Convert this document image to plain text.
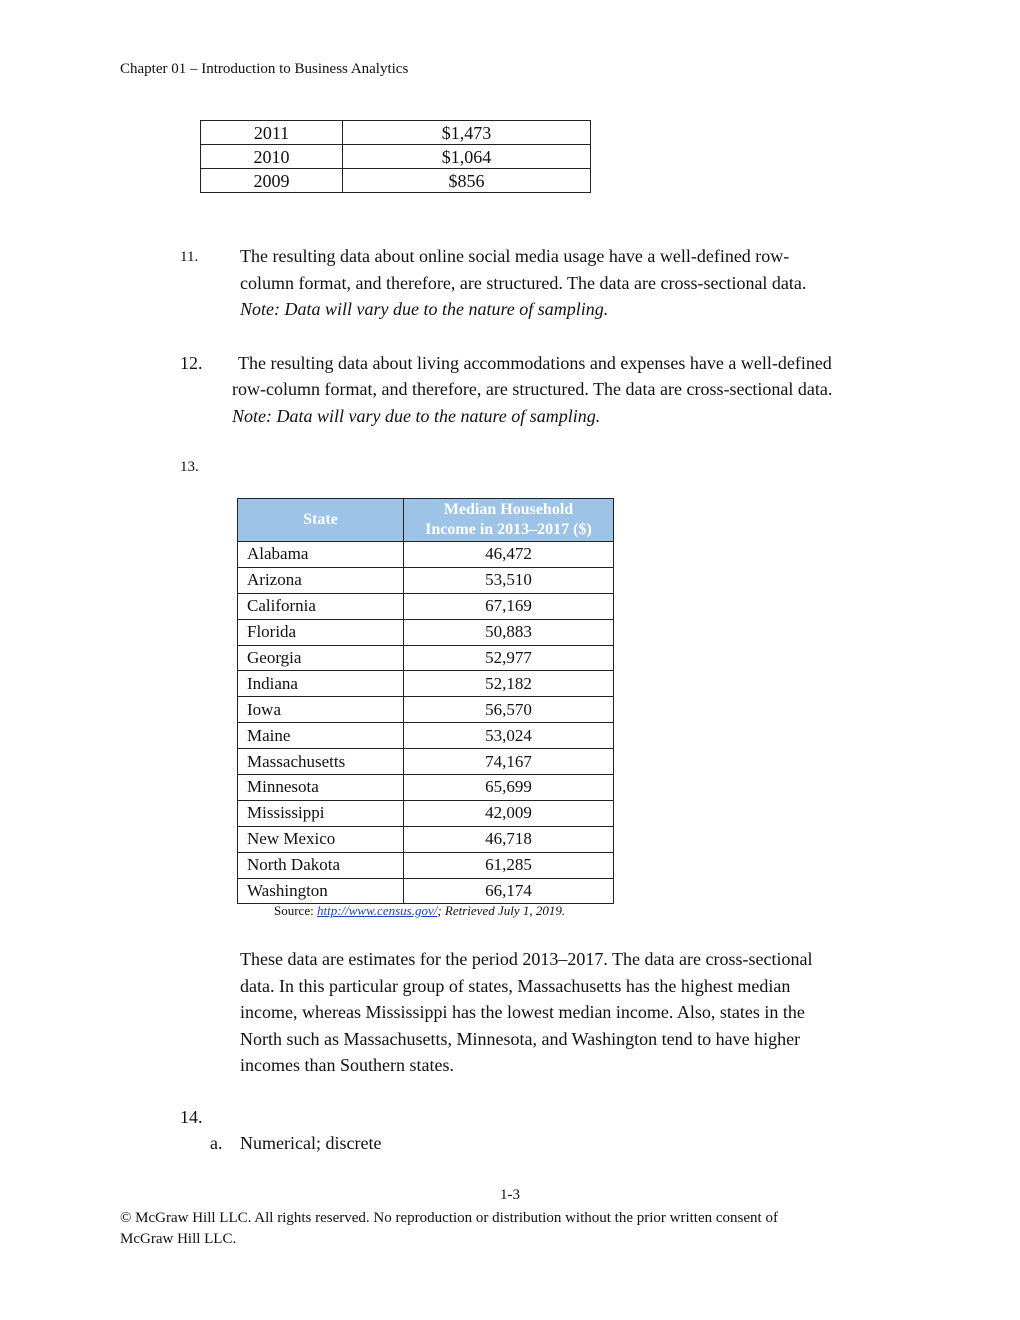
Chapter 01 – Introduction to Business Analytics
2011	$1,473
2010	$1,064
2009	$856
11. The resulting data about online social media usage have a well-defined row-
column format, and therefore, are structured. The data are cross-sectional data.
Note: Data will vary due to the nature of sampling.
12. The resulting data about living accommodations and expenses have a well-defined
row-column format, and therefore, are structured. The data are cross-sectional data.
Note: Data will vary due to the nature of sampling.
13.
State	Median Household
Income in 2013–2017 ($)

Alabama	46,472
Arizona	53,510
California	67,169
Florida	50,883
Georgia	52,977
Indiana	52,182
Iowa	56,570
Maine	53,024
Massachusetts	74,167
Minnesota	65,699
Mississippi	42,009
New Mexico	46,718
North Dakota	61,285
Washington	66,174
Source: http://www.census.gov/; Retrieved July 1, 2019.
These data are estimates for the period 2013–2017. The data are cross-sectional
data. In this particular group of states, Massachusetts has the highest median
income, whereas Mississippi has the lowest median income. Also, states in the
North such as Massachusetts, Minnesota, and Washington tend to have higher
incomes than Southern states.
14.
a. Numerical; discrete
1-3
© McGraw Hill LLC. All rights reserved. No reproduction or distribution without the prior written consent of
McGraw Hill LLC.
